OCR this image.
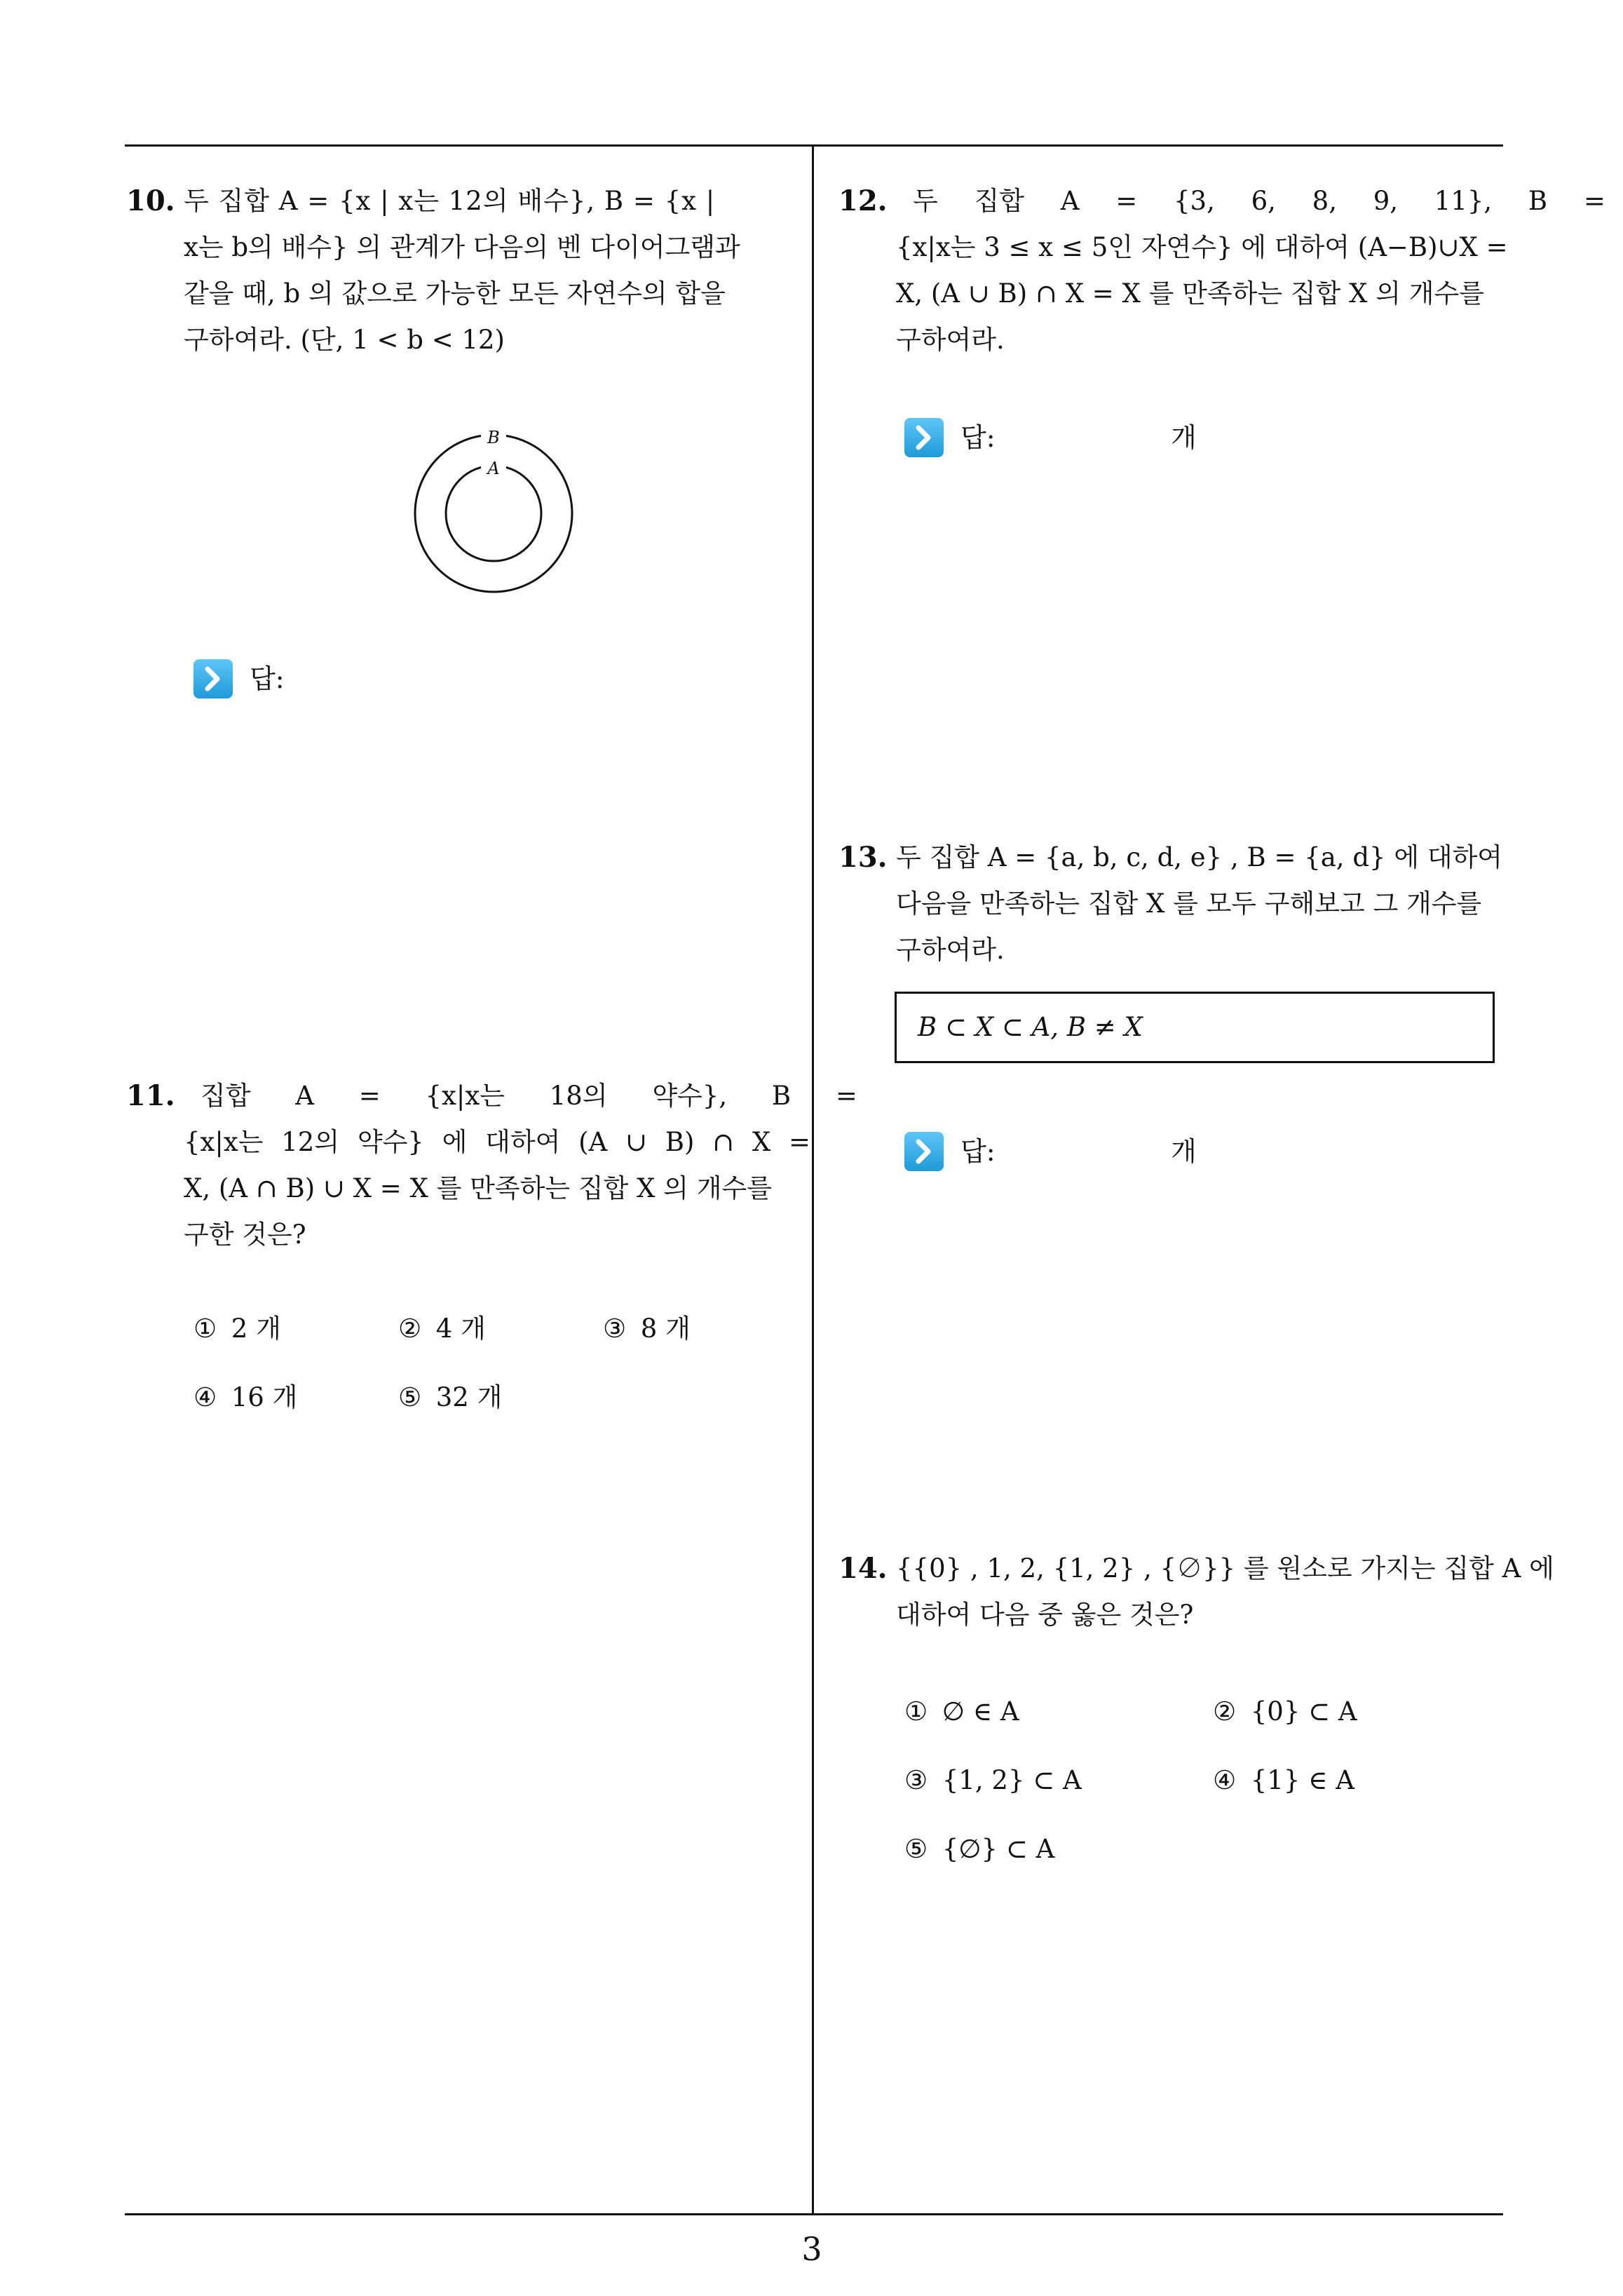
10. 두 집합 A = {x | x는 12의 배수}, B = {x |
x는 b의 배수} 의 관계가 다음의 벤 다이어그램과
같을 때, b 의 값으로 가능한 모든 자연수의 합을
구하여라. (단, 1 < b < 12)
B
A
답:
11. 집합 A = {x|x는 18의 약수}, B =
{x|x는 12의 약수} 에 대하여 (A ∪ B) ∩ X =
X, (A ∩ B) ∪ X = X 를 만족하는 집합 X 의 개수를
구한 것은?
① 2 개	② 4 개	③ 8 개
④ 16 개	⑤ 32 개
12. 두 집합 A = {3, 6, 8, 9, 11}, B =
{x|x는 3 ≤ x ≤ 5인 자연수} 에 대하여 (A−B)∪X =
X, (A ∪ B) ∩ X = X 를 만족하는 집합 X 의 개수를
구하여라.
답:	개
13. 두 집합 A = {a, b, c, d, e} , B = {a, d} 에 대하여
다음을 만족하는 집합 X 를 모두 구해보고 그 개수를
구하여라.
B ⊂ X ⊂ A, B ≠ X
답:	개
14. {{0} , 1, 2, {1, 2} , {∅}} 를 원소로 가지는 집합 A 에
대하여 다음 중 옳은 것은?
① ∅ ∈ A	② {0} ⊂ A
③ {1, 2} ⊂ A	④ {1} ∈ A
⑤ {∅} ⊂ A
3
